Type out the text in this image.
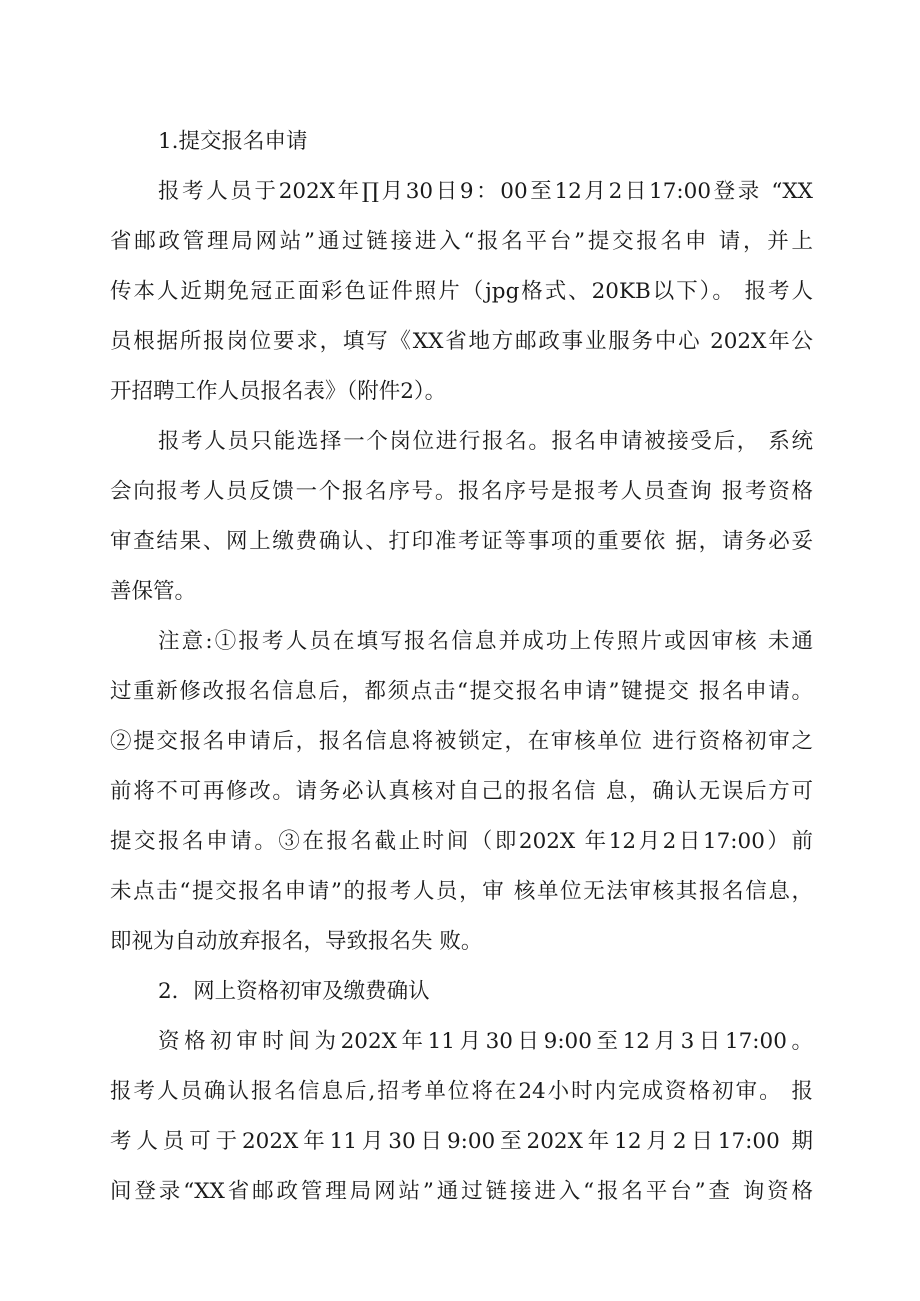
1.提交报名申请
报考人员于202X年∏月30日9：00至12月2日17:00登录 “XX
省邮政管理局网站”通过链接进入“报名平台”提交报名申 请，并上
传本人近期免冠正面彩色证件照片（jpg格式、20KB以下）。 报考人
员根据所报岗位要求，填写《XX省地方邮政事业服务中心 202X年公
开招聘工作人员报名表》（附件2）。
报考人员只能选择一个岗位进行报名。报名申请被接受后， 系统
会向报考人员反馈一个报名序号。报名序号是报考人员查询 报考资格
审查结果、网上缴费确认、打印准考证等事项的重要依 据，请务必妥
善保管。
注意:①报考人员在填写报名信息并成功上传照片或因审核 未通
过重新修改报名信息后，都须点击“提交报名申请”键提交 报名申请。
②提交报名申请后，报名信息将被锁定，在审核单位 进行资格初审之
前将不可再修改。请务必认真核对自己的报名信 息，确认无误后方可
提交报名申请。③在报名截止时间（即202X 年12月2日17:00）前
未点击“提交报名申请”的报考人员，审 核单位无法审核其报名信息，
即视为自动放弃报名，导致报名失 败。
2．网上资格初审及缴费确认
资格初审时间为202X年11月30日9:00至12月3日17:00。
报考人员确认报名信息后,招考单位将在24小时内完成资格初审。 报
考人员可于202X年11月30日9:00至202X年12月2日17:00 期
间登录“XX省邮政管理局网站”通过链接进入“报名平台”查 询资格
